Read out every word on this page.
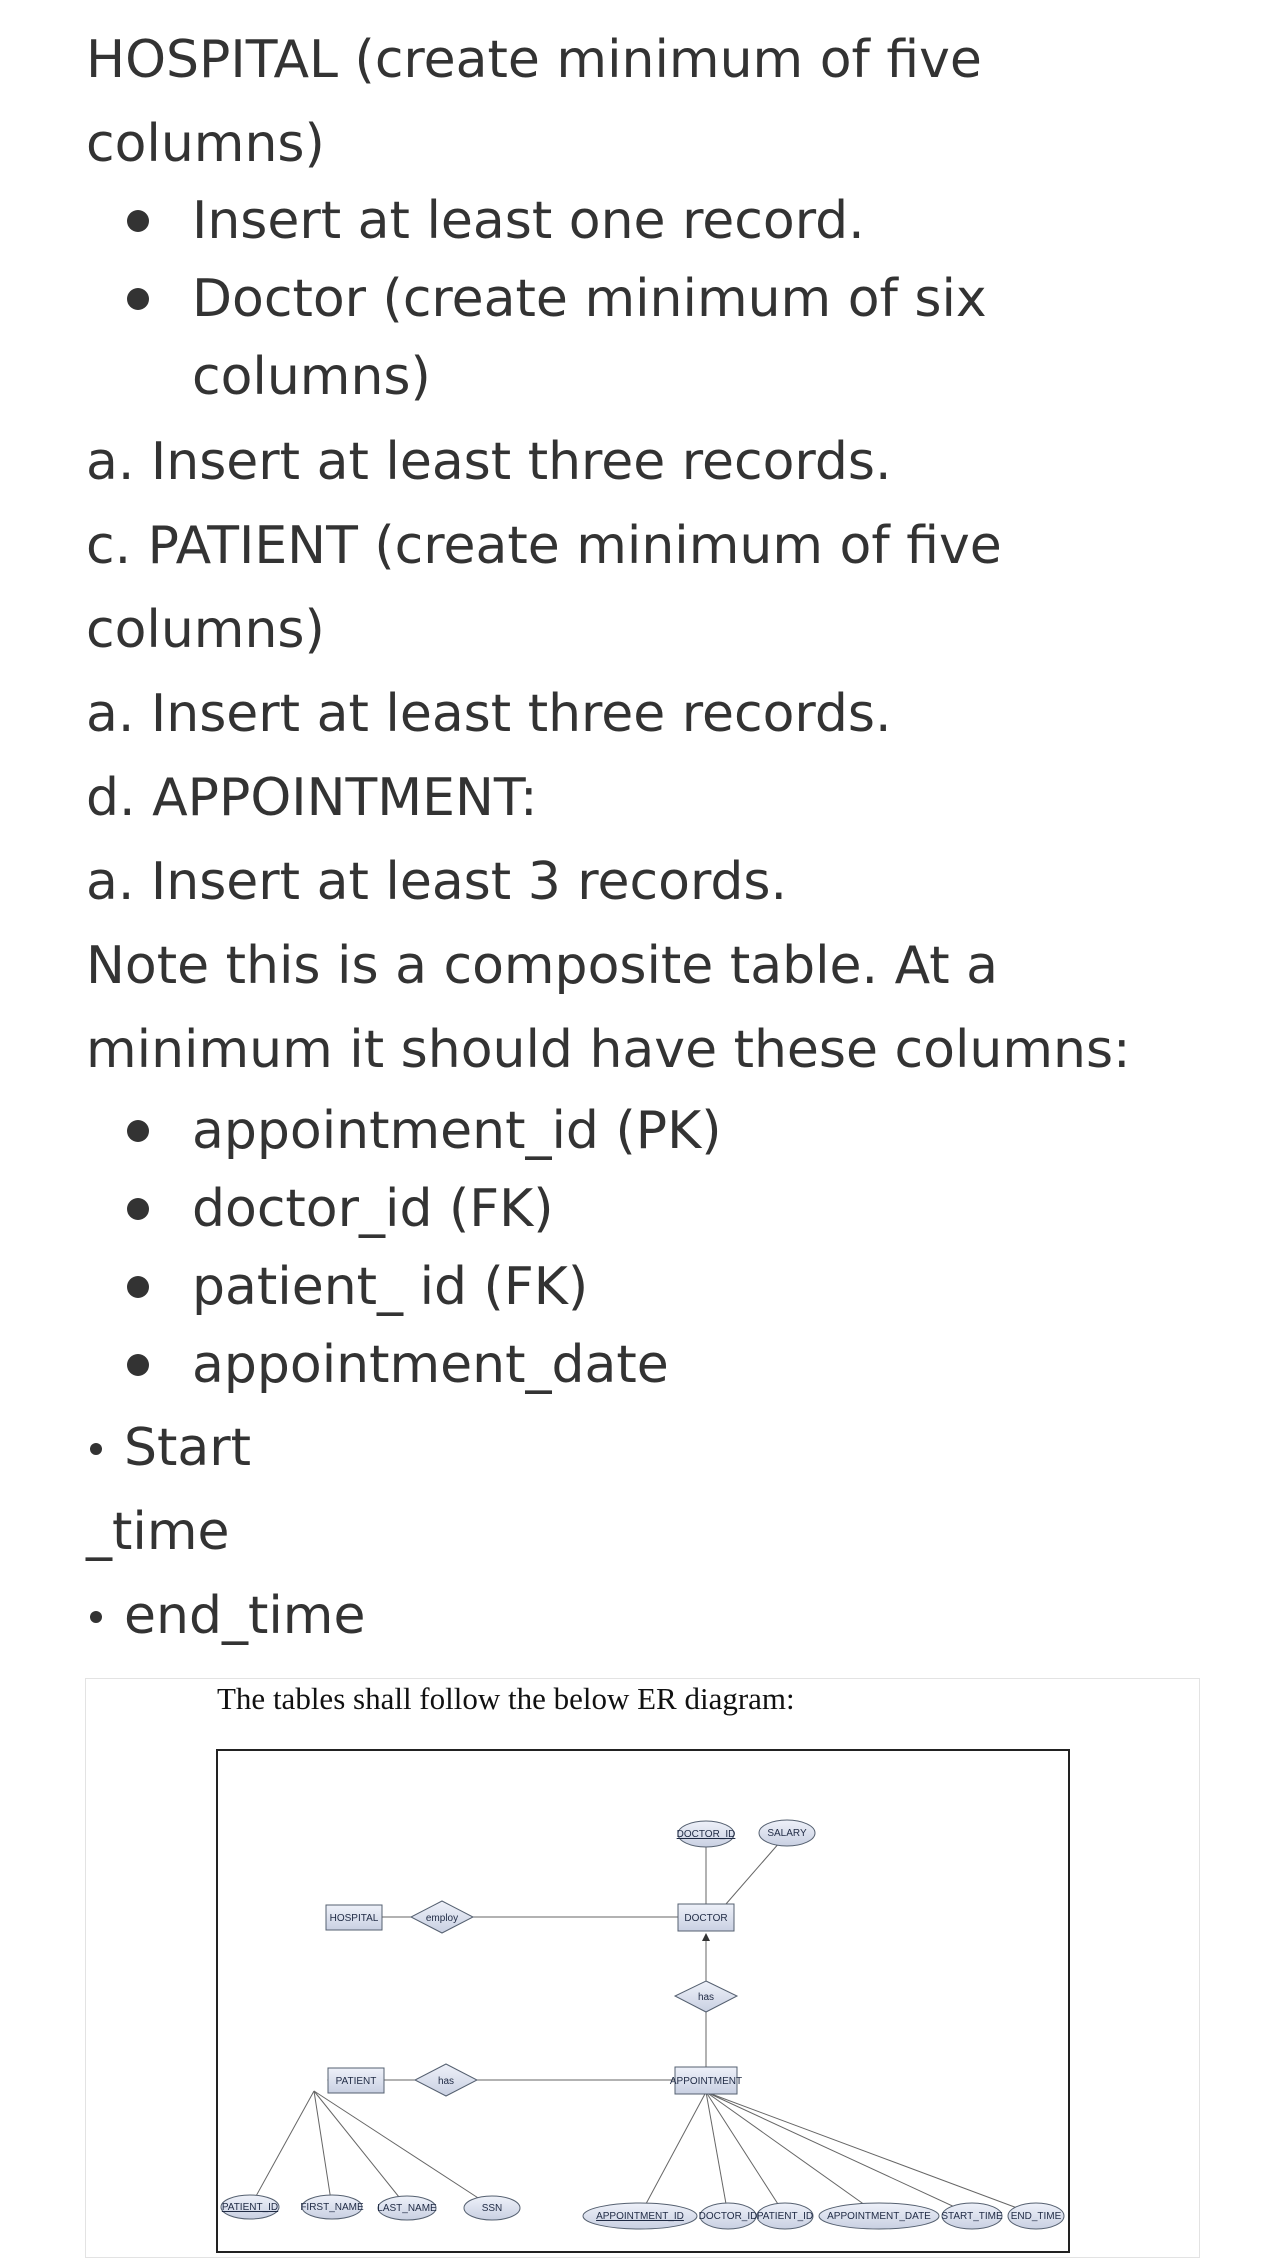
HOSPITAL (create minimum of five
columns)
Insert at least one record.
Doctor (create minimum of six
columns)
a. Insert at least three records.
c. PATIENT (create minimum of five
columns)
a. Insert at least three records.
d. APPOINTMENT:
a. Insert at least 3 records.
Note this is a composite table. At a
minimum it should have these columns:
appointment_id (PK)
doctor_id (FK)
patient_ id (FK)
appointment_date
Start
_time
end_time
The tables shall follow the below ER diagram:
HOSPITAL	DOCTOR
PATIENT	APPOINTMENT
employ
has
has
DOCTOR_ID	SALARY
PATIENT_ID FIRST_NAME LAST_NAME	SSN
APPOINTMENT_ID DOCTOR_ID PATIENT_ID APPOINTMENT_DATE START_TIME END_TIME
